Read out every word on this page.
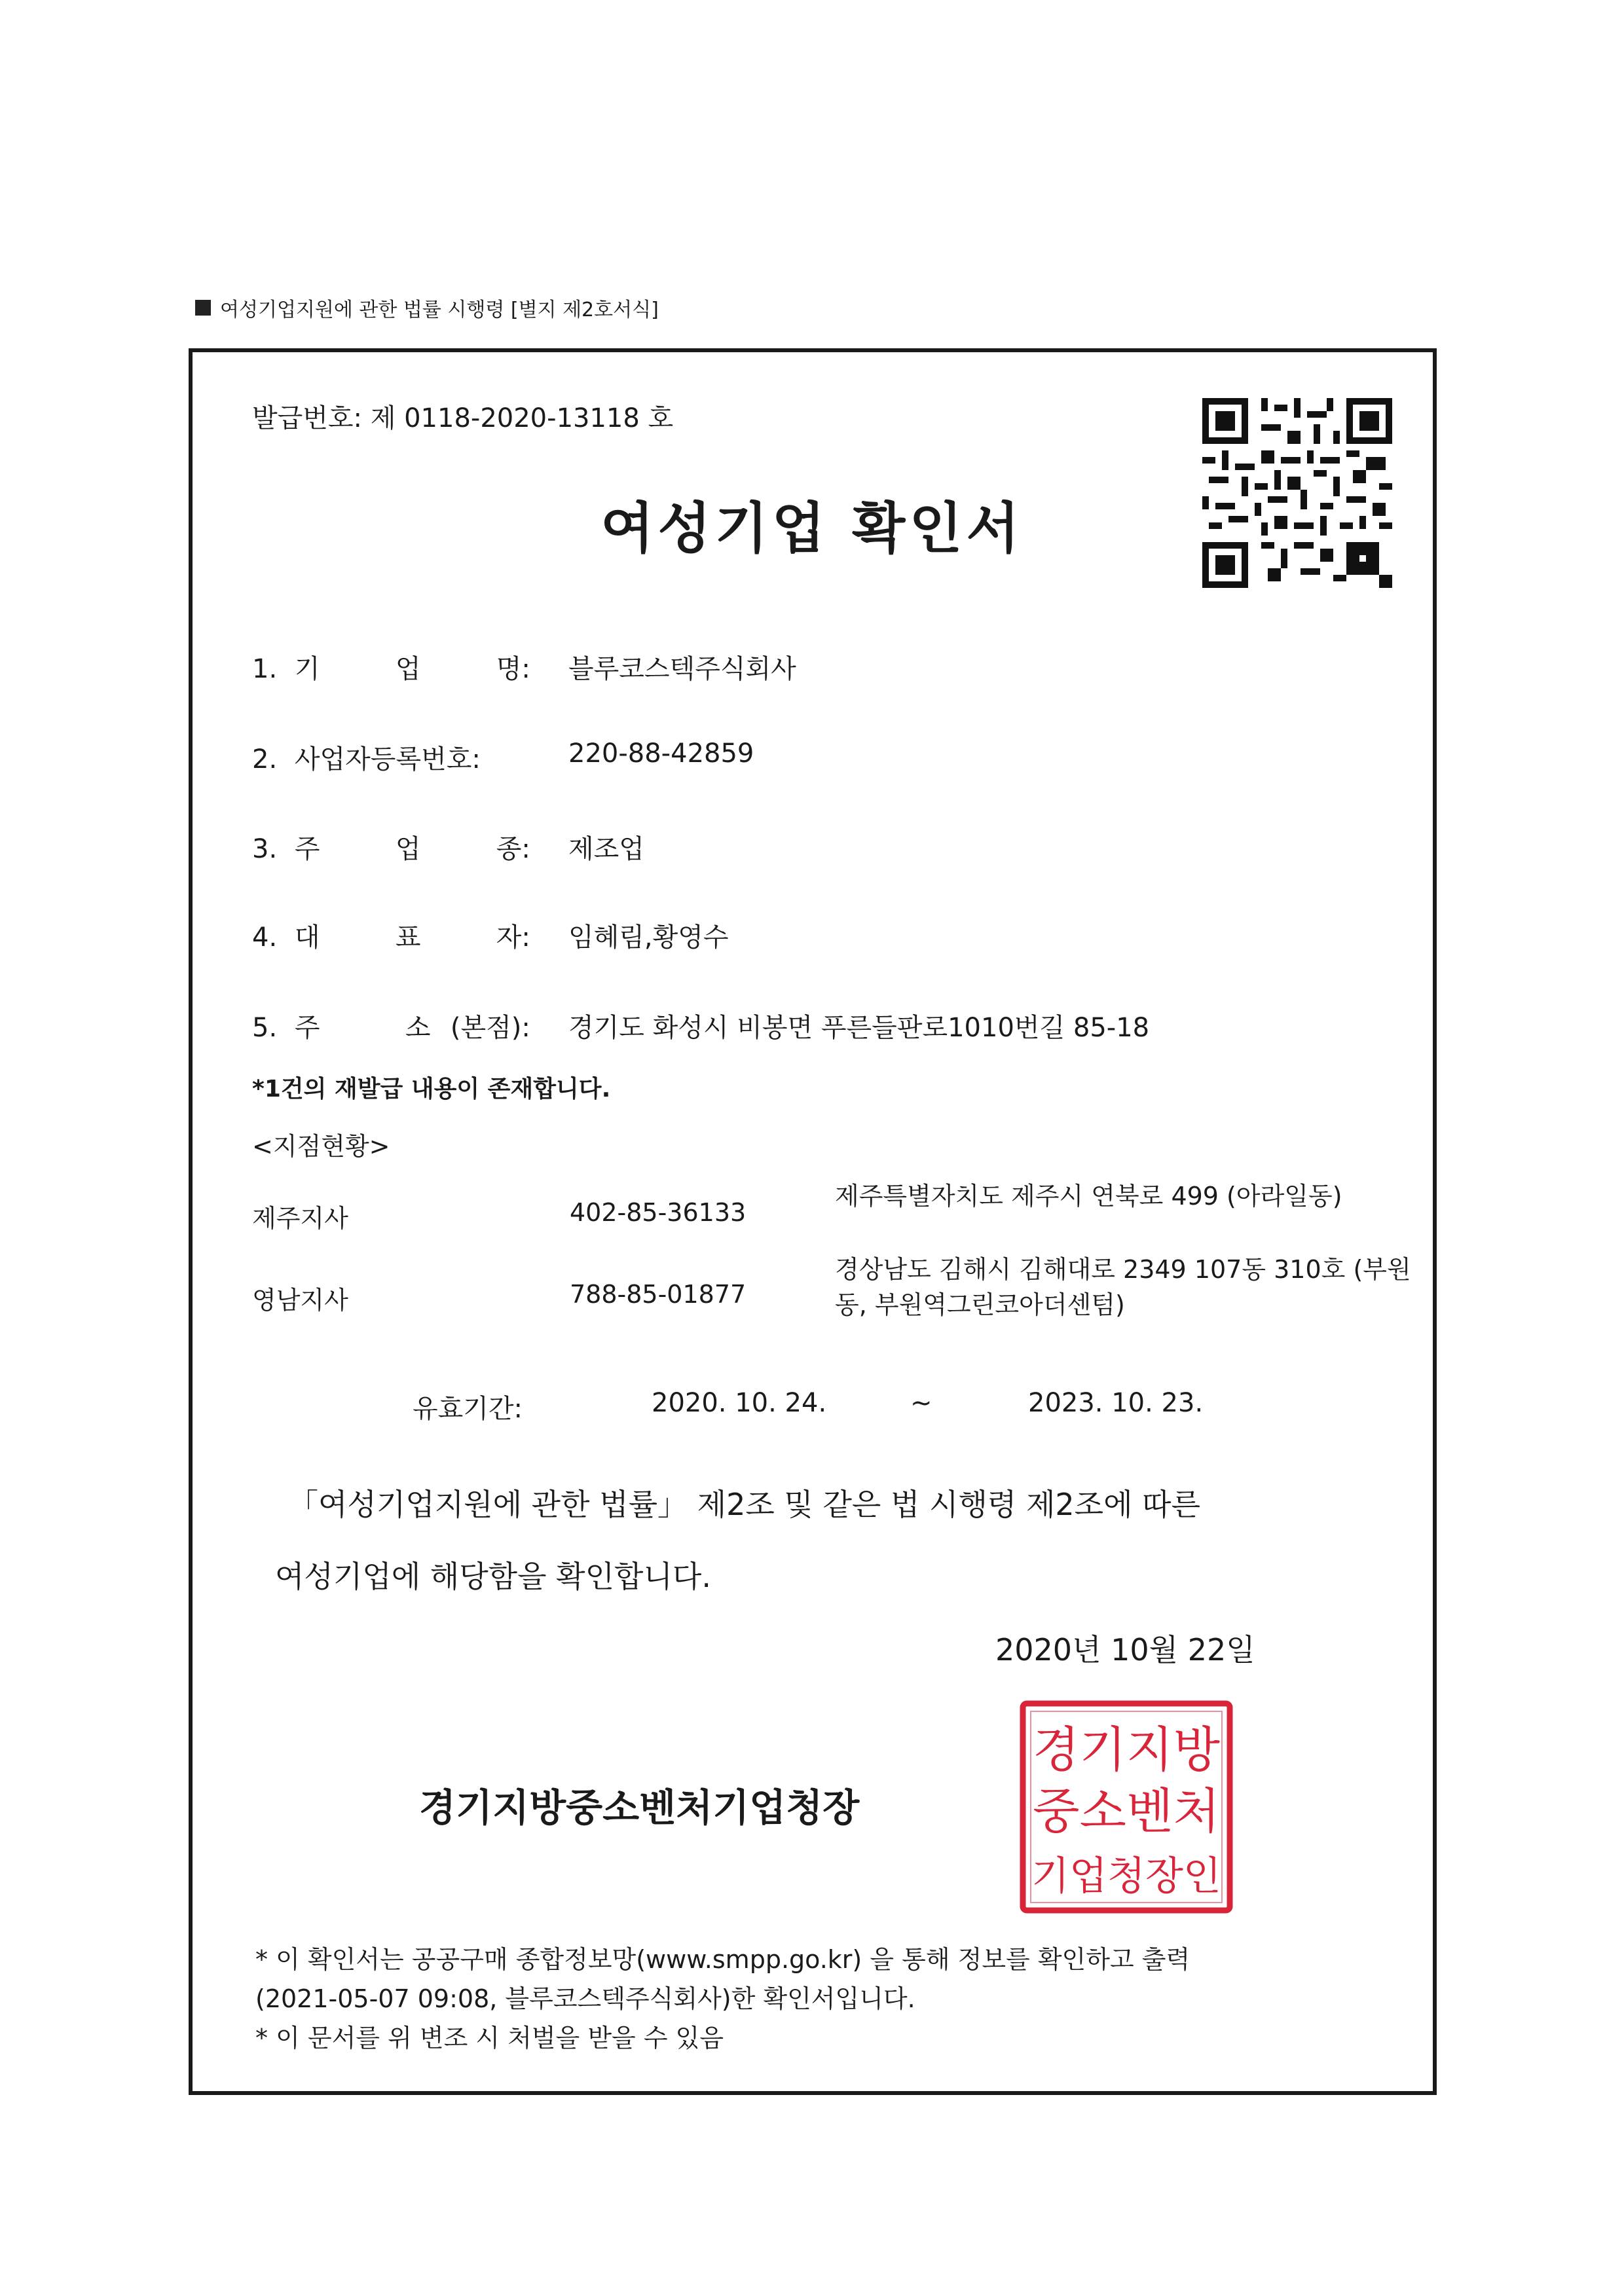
여성기업지원에 관한 법률 시행령 [별지 제2호서식]
발급번호: 제 0118-2020-13118 호
여성기업 확인서
1. 기	업	명: 블루코스텍주식회사
2. 사업자등록번호:	220-88-42859
3. 주	업	종: 제조업
4. 대	표	자: 임혜림,황영수
5. 주	소 (본점): 경기도 화성시 비봉면 푸른들판로1010번길 85-18
*1건의 재발급 내용이 존재합니다.
<지점현황>
제주지사	402-85-36133
제주특별자치도 제주시 연북로 499 (아라일동)
영남지사	788-85-01877
경상남도 김해시 김해대로 2349 107동 310호 (부원동, 부원역그린코아더센텀)
유효기간:	2020. 10. 24.	~	2023. 10. 23.
「여성기업지원에 관한 법률」 제2조 및 같은 법 시행령 제2조에 따른
여성기업에 해당함을 확인합니다.
2020년 10월 22일
경기지방중소벤처기업청장
경기지방
중소벤처
기업청장인
* 이 확인서는 공공구매 종합정보망(www.smpp.go.kr) 을 통해 정보를 확인하고 출력
(2021-05-07 09:08, 블루코스텍주식회사)한 확인서입니다.
* 이 문서를 위 변조 시 처벌을 받을 수 있음
